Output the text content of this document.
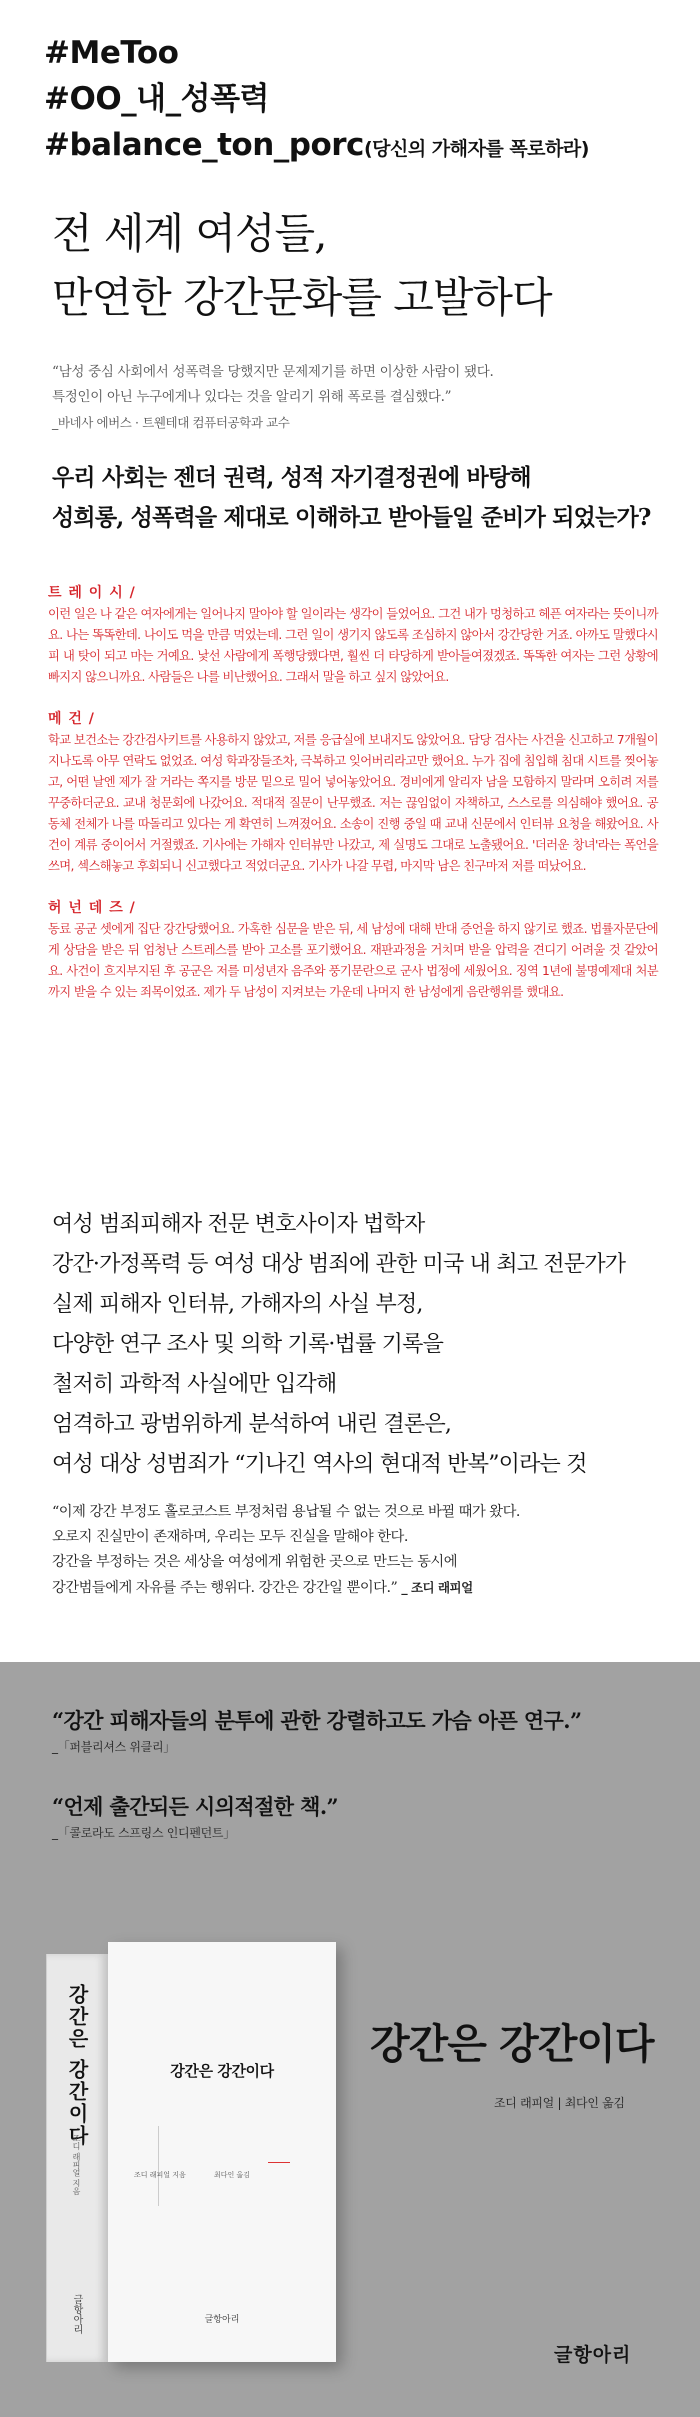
#MeToo
#OO_내_성폭력
#balance_ton_porc(당신의 가해자를 폭로하라)
전 세계 여성들,
만연한 강간문화를 고발하다
“남성 중심 사회에서 성폭력을 당했지만 문제제기를 하면 이상한 사람이 됐다.
특정인이 아닌 누구에게나 있다는 것을 알리기 위해 폭로를 결심했다.”
_바네사 에버스 · 트웬테대 컴퓨터공학과 교수
우리 사회는 젠더 권력, 성적 자기결정권에 바탕해
성희롱, 성폭력을 제대로 이해하고 받아들일 준비가 되었는가?
트 레 이 시 /
이런 일은 나 같은 여자에게는 일어나지 말아야 할 일이라는 생각이 들었어요. 그건 내가 멍청하고 헤픈 여자라는 뜻이니까요. 나는 똑똑한데. 나이도 먹을 만큼 먹었는데. 그런 일이 생기지 않도록 조심하지 않아서 강간당한 거죠. 아까도 말했다시피 내 탓이 되고 마는 거예요. 낯선 사람에게 폭행당했다면, 훨씬 더 타당하게 받아들여졌겠죠. 똑똑한 여자는 그런 상황에 빠지지 않으니까요. 사람들은 나를 비난했어요. 그래서 말을 하고 싶지 않았어요.
메 건 /
학교 보건소는 강간검사키트를 사용하지 않았고, 저를 응급실에 보내지도 않았어요. 담당 검사는 사건을 신고하고 7개월이 지나도록 아무 연락도 없었죠. 여성 학과장들조차, 극복하고 잊어버리라고만 했어요. 누가 집에 침입해 침대 시트를 찢어놓고, 어떤 날엔 제가 잘 거라는 쪽지를 방문 밑으로 밀어 넣어놓았어요. 경비에게 알리자 남을 모함하지 말라며 오히려 저를 꾸중하더군요. 교내 청문회에 나갔어요. 적대적 질문이 난무했죠. 저는 끊임없이 자책하고, 스스로를 의심해야 했어요. 공동체 전체가 나를 따돌리고 있다는 게 확연히 느껴졌어요. 소송이 진행 중일 때 교내 신문에서 인터뷰 요청을 해왔어요. 사건이 계류 중이어서 거절했죠. 기사에는 가해자 인터뷰만 나갔고, 제 실명도 그대로 노출됐어요. '더러운 창녀'라는 폭언을 쓰며, 섹스해놓고 후회되니 신고했다고 적었더군요. 기사가 나갈 무렵, 마지막 남은 친구마저 저를 떠났어요.
허 넌 데 즈 /
동료 공군 셋에게 집단 강간당했어요. 가혹한 심문을 받은 뒤, 세 남성에 대해 반대 증언을 하지 않기로 했죠. 법률자문단에게 상담을 받은 뒤 엄청난 스트레스를 받아 고소를 포기했어요. 재판과정을 거치며 받을 압력을 견디기 어려울 것 같았어요. 사건이 흐지부지된 후 공군은 저를 미성년자 음주와 풍기문란으로 군사 법정에 세웠어요. 징역 1년에 불명예제대 처분까지 받을 수 있는 죄목이었죠. 제가 두 남성이 지켜보는 가운데 나머지 한 남성에게 음란행위를 했대요.
여성 범죄피해자 전문 변호사이자 법학자
강간·가정폭력 등 여성 대상 범죄에 관한 미국 내 최고 전문가가
실제 피해자 인터뷰, 가해자의 사실 부정,
다양한 연구 조사 및 의학 기록·법률 기록을
철저히 과학적 사실에만 입각해
엄격하고 광범위하게 분석하여 내린 결론은,
여성 대상 성범죄가 “기나긴 역사의 현대적 반복”이라는 것
“이제 강간 부정도 홀로코스트 부정처럼 용납될 수 없는 것으로 바뀔 때가 왔다.
오로지 진실만이 존재하며, 우리는 모두 진실을 말해야 한다.
강간을 부정하는 것은 세상을 여성에게 위험한 곳으로 만드는 동시에
강간범들에게 자유를 주는 행위다. 강간은 강간일 뿐이다.” _ 조디 래피얼
“강간 피해자들의 분투에 관한 강렬하고도 가슴 아픈 연구.”
_「퍼블리셔스 위클리」
“언제 출간되든 시의적절한 책.”
_「콜로라도 스프링스 인디펜던트」
강간은 강간이다
조디 래피얼 지음
글항아리
강간은 강간이다
조디 래피얼 지음	최다인 옮김
글항아리
강간은 강간이다
조디 래피얼 | 최다인 옮김
글항아리
